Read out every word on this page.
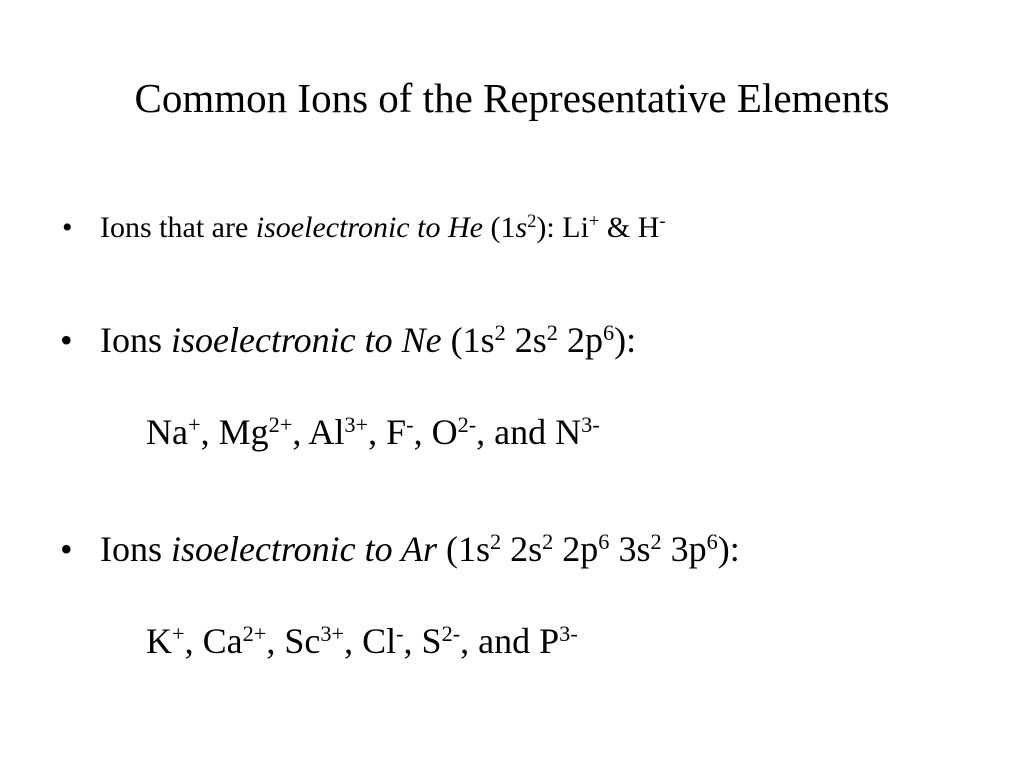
Common Ions of the Representative Elements
• Ions that are isoelectronic to He $(1s^2)$: Li+ & H-
• Ions isoelectronic to Ne ($1s^2$ $2s^2$ $2p^6$):
Na+, $Mg^{2+}$, $Al^{3+}$, F-, $O^{2-}$, and $N^{3-}$
• Ions isoelectronic to Ar ($1s^2$ $2s^2$ $2p^6$ $3s^2$ $3p^6$):
K+, $Ca^{2+}$, $Sc^{3+}$, Cl-, $S^{2-}$, and $P^{3-}$
